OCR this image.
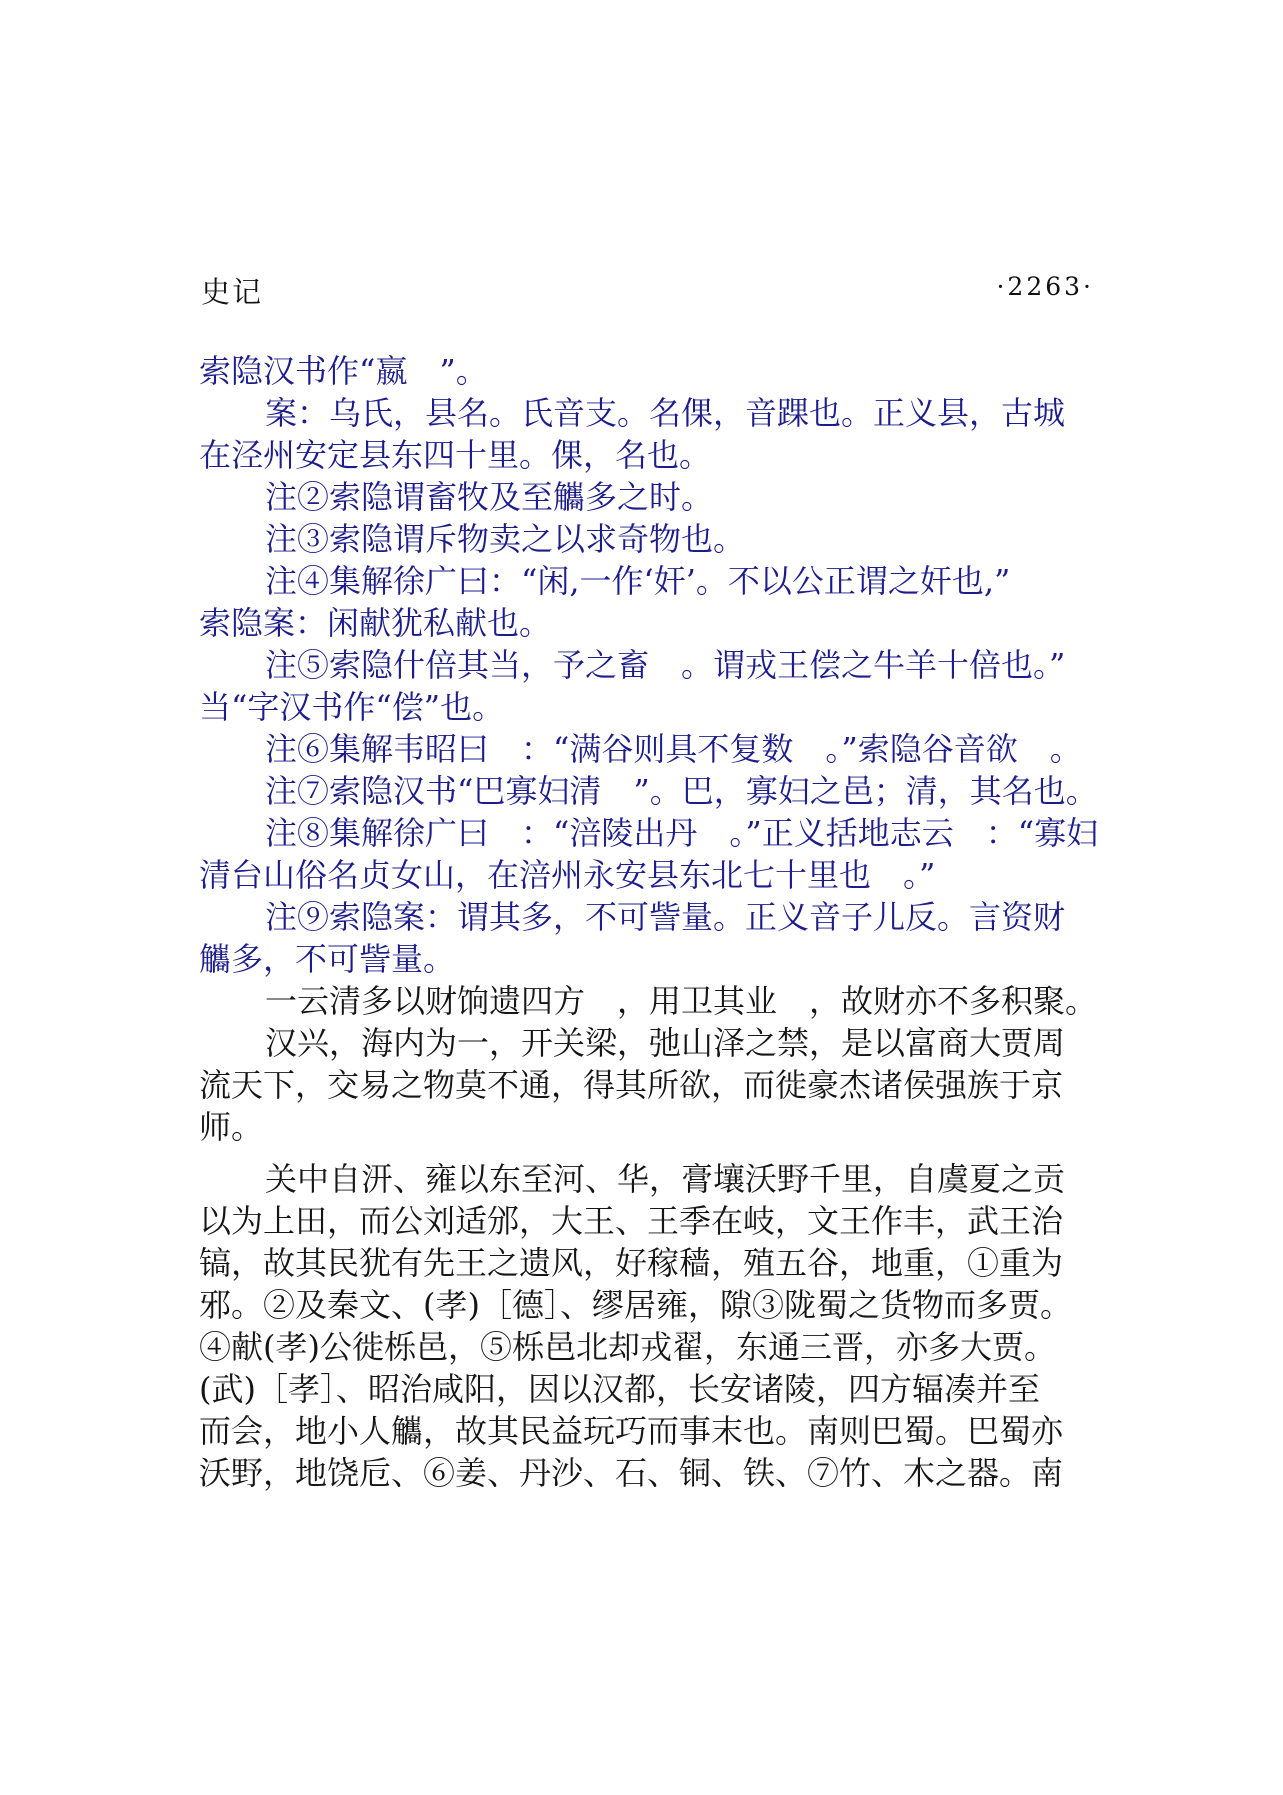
史记	·2263·
索隐汉书作“嬴　”。
案：乌氏，县名。氏音支。名倮，音踝也。正义县，古城
在泾州安定县东四十里。倮，名也。
注②索隐谓畜牧及至觿多之时。
注③索隐谓斥物卖之以求奇物也。
注④集解徐广曰：“闲,一作‘奸’。不以公正谓之奸也,”
索隐案：闲献犹私献也。
注⑤索隐什倍其当，予之畜　。谓戎王偿之牛羊十倍也。”
当“字汉书作“偿”也。
注⑥集解韦昭曰　：“满谷则具不复数　。”索隐谷音欲　。
注⑦索隐汉书“巴寡妇清　”。巴，寡妇之邑；清，其名也。
注⑧集解徐广曰　：“涪陵出丹　。”正义括地志云　：“寡妇
清台山俗名贞女山，在涪州永安县东北七十里也　。”
注⑨索隐案：谓其多，不可訾量。正义音子儿反。言资财
觿多，不可訾量。
一云清多以财饷遗四方　，用卫其业　，故财亦不多积聚。
汉兴，海内为一，开关梁，弛山泽之禁，是以富商大贾周
流天下，交易之物莫不通，得其所欲，而徙豪杰诸侯强族于京
师。
关中自汧、雍以东至河、华，膏壤沃野千里，自虞夏之贡
以为上田，而公刘适邠，大王、王季在岐，文王作丰，武王治
镐，故其民犹有先王之遗风，好稼穑，殖五谷，地重，①重为
邪。②及秦文、(孝)［德］、缪居雍，隙③陇蜀之货物而多贾。
④献(孝)公徙栎邑，⑤栎邑北却戎翟，东通三晋，亦多大贾。
(武)［孝］、昭治咸阳，因以汉都，长安诸陵，四方辐凑并至
而会，地小人觿，故其民益玩巧而事末也。南则巴蜀。巴蜀亦
沃野，地饶卮、⑥姜、丹沙、石、铜、铁、⑦竹、木之器。南
